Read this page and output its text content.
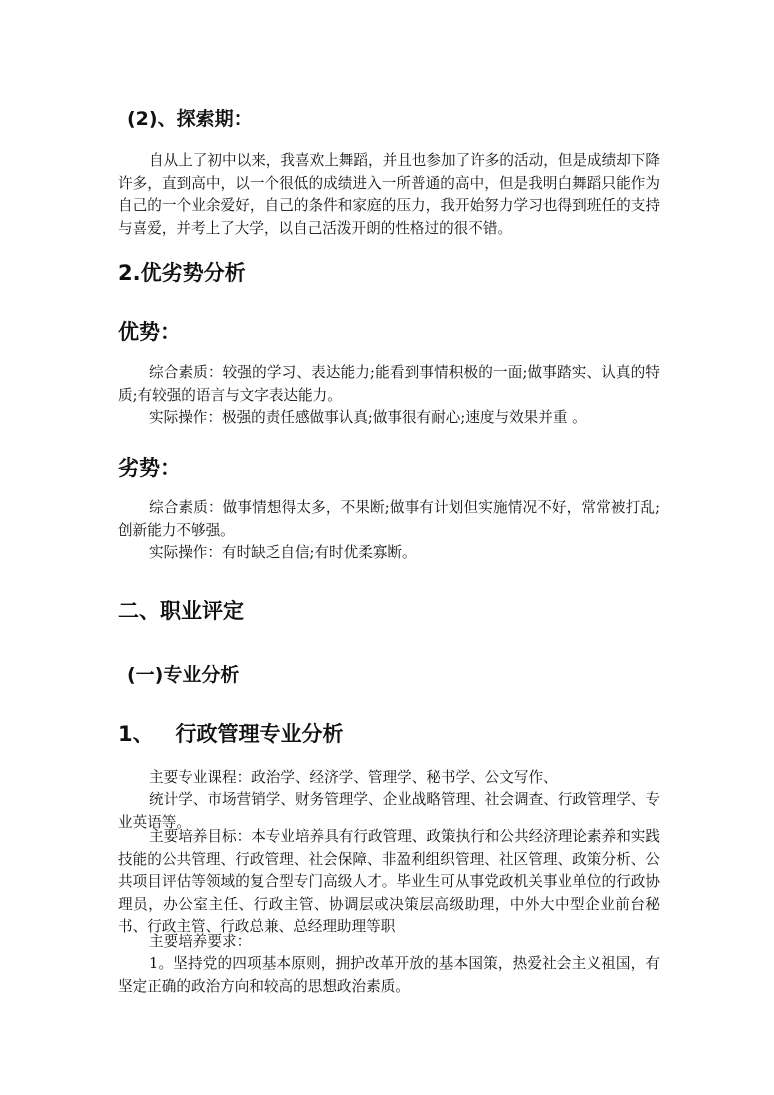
(2)、探索期：

自从上了初中以来，我喜欢上舞蹈，并且也参加了许多的活动，但是成绩却下降许多，直到高中，以一个很低的成绩进入一所普通的高中，但是我明白舞蹈只能作为自己的一个业余爱好，自己的条件和家庭的压力，我开始努力学习也得到班任的支持与喜爱，并考上了大学，以自己活泼开朗的性格过的很不错。

2.优劣势分析
优势：

综合素质：较强的学习、表达能力;能看到事情积极的一面;做事踏实、认真的特质;有较强的语言与文字表达能力。

实际操作：极强的责任感做事认真;做事很有耐心;速度与效果并重 。

劣势：

综合素质：做事情想得太多，不果断;做事有计划但实施情况不好，常常被打乱;创新能力不够强。

实际操作：有时缺乏自信;有时优柔寡断。

二、职业评定
(一)专业分析
1、   行政管理专业分析

主要专业课程：政治学、经济学、管理学、秘书学、公文写作、

统计学、市场营销学、财务管理学、企业战略管理、社会调查、行政管理学、专业英语等。

主要培养目标：本专业培养具有行政管理、政策执行和公共经济理论素养和实践技能的公共管理、行政管理、社会保障、非盈利组织管理、社区管理、政策分析、公共项目评估等领域的复合型专门高级人才。毕业生可从事党政机关事业单位的行政协理员，办公室主任、行政主管、协调层或决策层高级助理，中外大中型企业前台秘书、行政主管、行政总兼、总经理助理等职

主要培养要求：

1。坚持党的四项基本原则，拥护改革开放的基本国策，热爱社会主义祖国，有坚定正确的政治方向和较高的思想政治素质。
